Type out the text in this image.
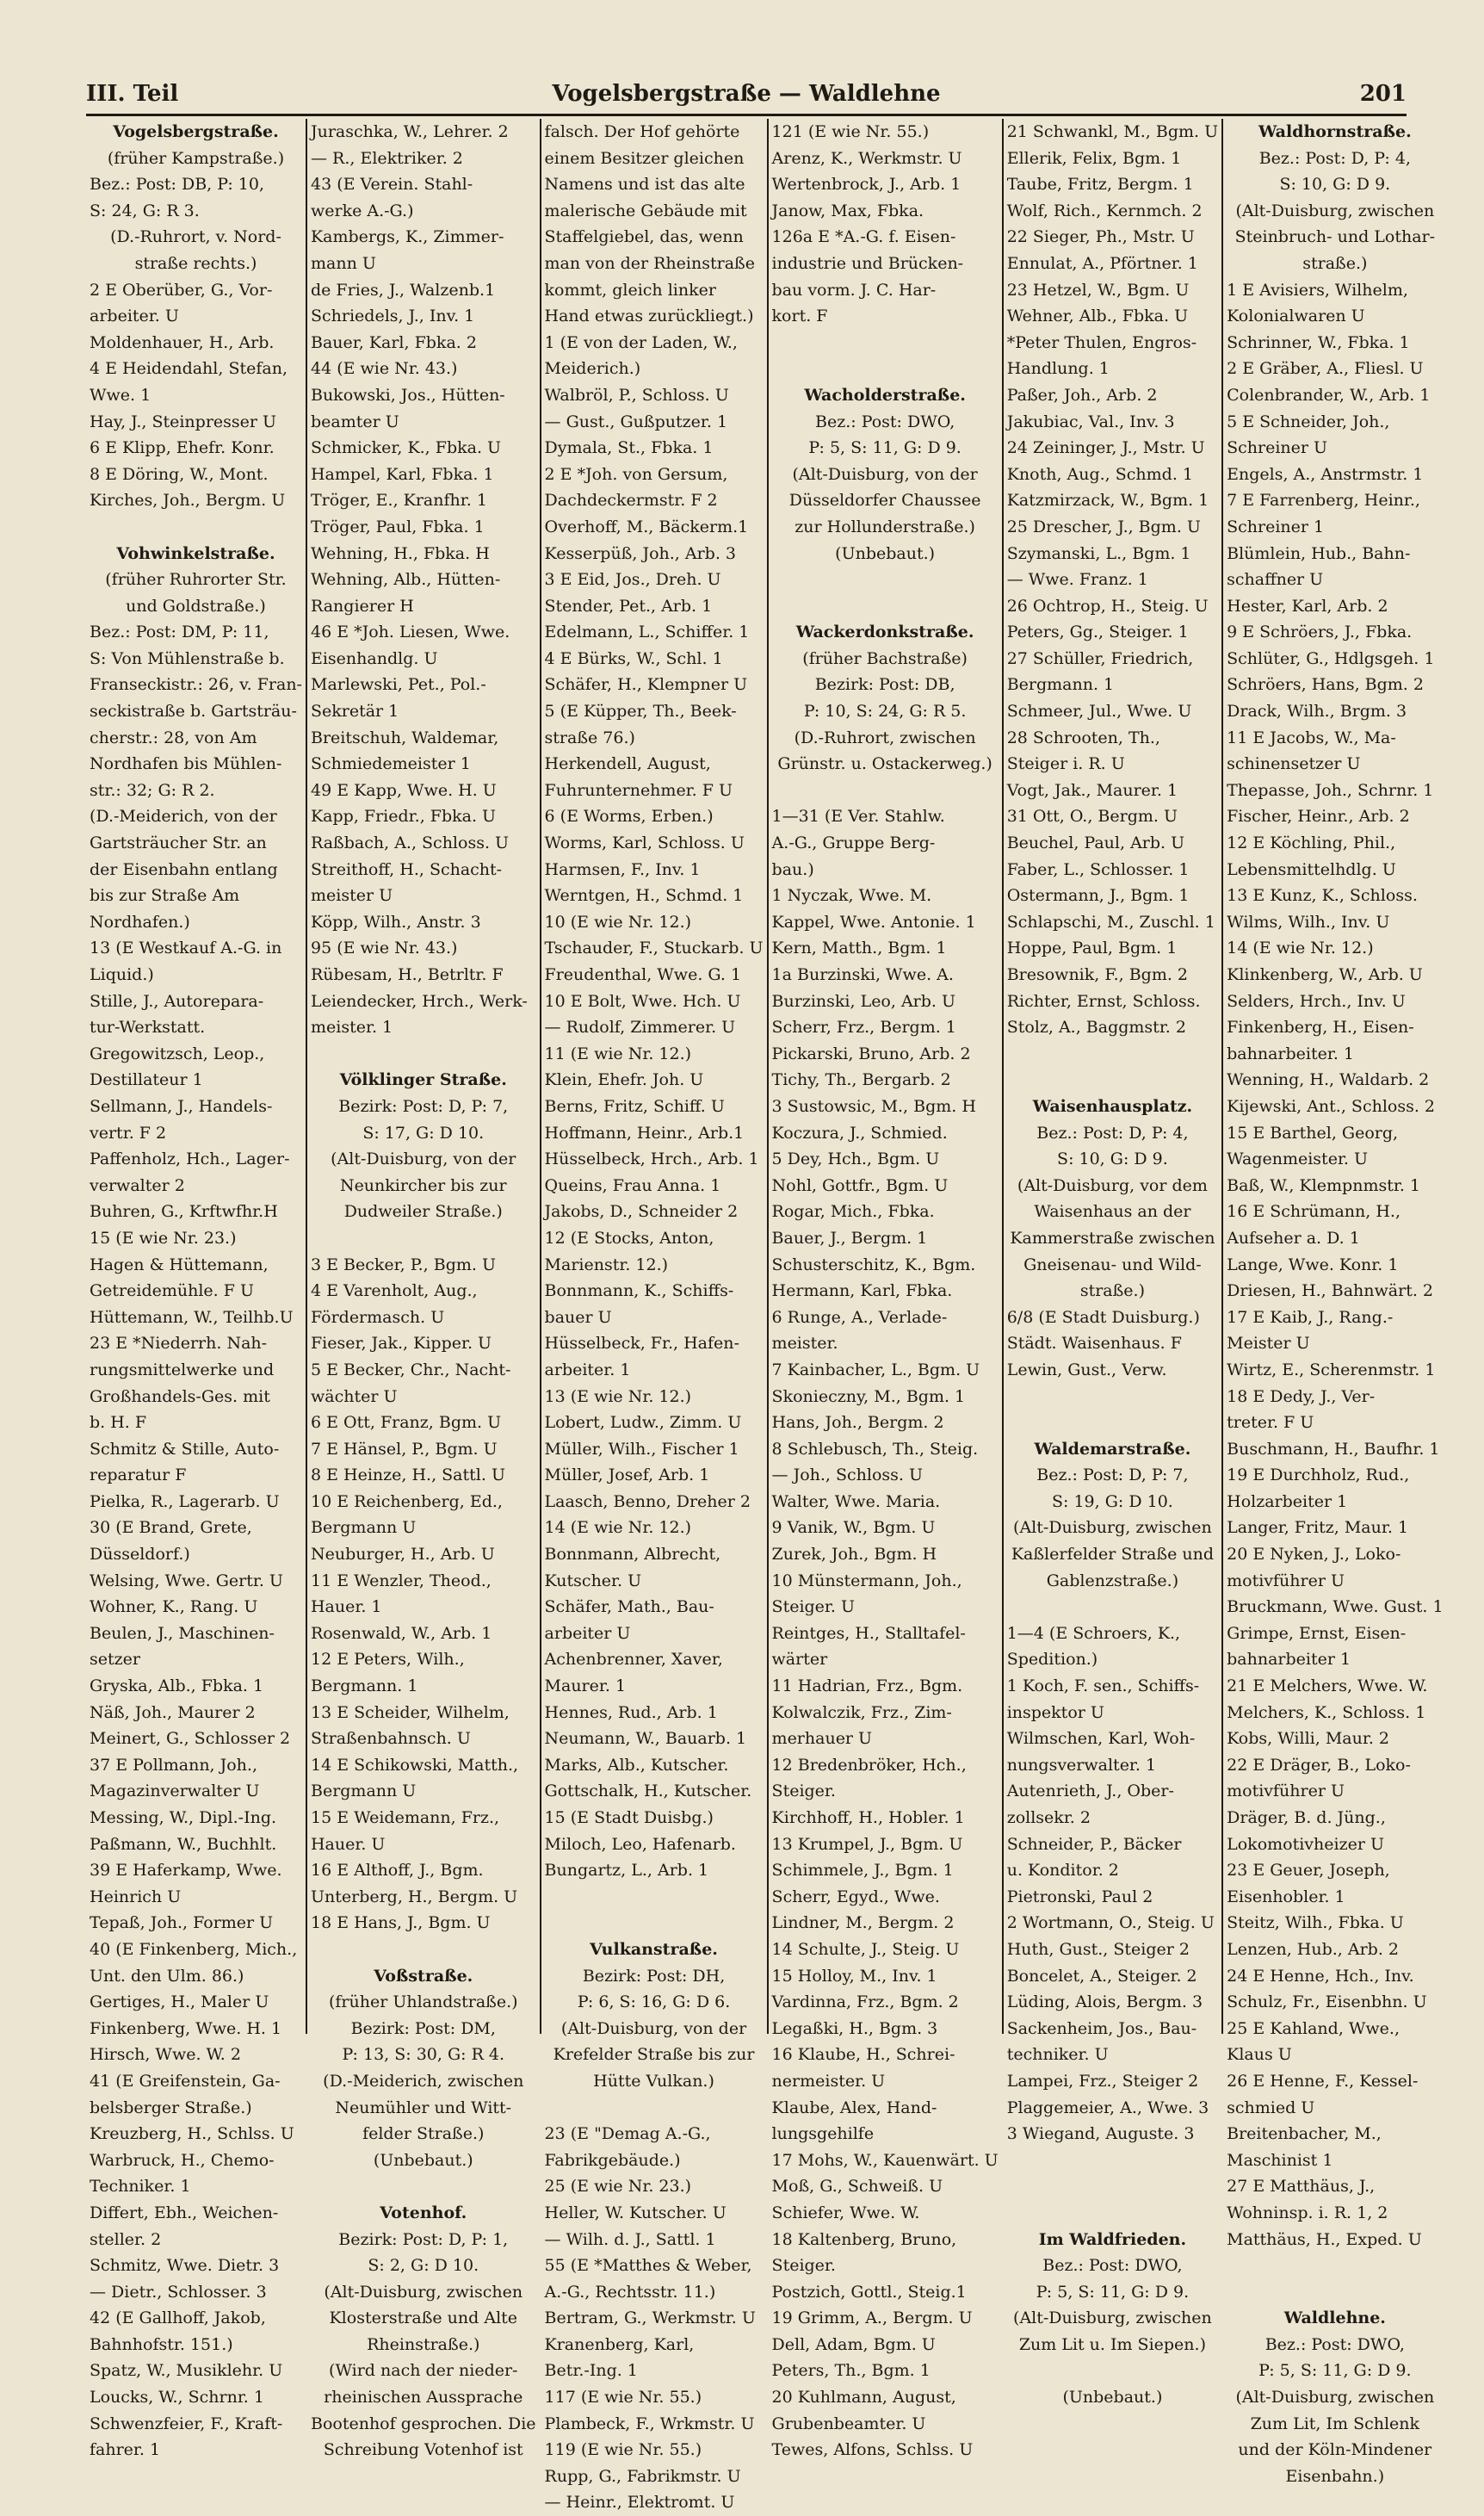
III. Teil	Vogelsbergstraße — Waldlehne	201
Vogelsbergstraße.
(früher Kampstraße.)
Bez.: Post: DB, P: 10,
S: 24, G: R 3.
(D.-Ruhrort, v. Nord-
straße rechts.)
2 E Oberüber, G., Vor-
arbeiter. U
Moldenhauer, H., Arb.
4 E Heidendahl, Stefan,
Wwe. 1
Hay, J., Steinpresser U
6 E Klipp, Ehefr. Konr.
8 E Döring, W., Mont.
Kirches, Joh., Bergm. U
Vohwinkelstraße.
(früher Ruhrorter Str.
und Goldstraße.)
Bez.: Post: DM, P: 11,
S: Von Mühlenstraße b.
Franseckistr.: 26, v. Fran-
seckistraße b. Gartsträu-
cherstr.: 28, von Am
Nordhafen bis Mühlen-
str.: 32; G: R 2.
(D.-Meiderich, von der
Gartsträucher Str. an
der Eisenbahn entlang
bis zur Straße Am
Nordhafen.)
13 (E Westkauf A.-G. in
Liquid.)
Stille, J., Autorepara-
tur-Werkstatt.
Gregowitzsch, Leop.,
Destillateur 1
Sellmann, J., Handels-
vertr. F 2
Paffenholz, Hch., Lager-
verwalter 2
Buhren, G., Krftwfhr.H
15 (E wie Nr. 23.)
Hagen & Hüttemann,
Getreidemühle. F U
Hüttemann, W., Teilhb.U
23 E *Niederrh. Nah-
rungsmittelwerke und
Großhandels-Ges. mit
b. H. F
Schmitz & Stille, Auto-
reparatur F
Pielka, R., Lagerarb. U
30 (E Brand, Grete,
Düsseldorf.)
Welsing, Wwe. Gertr. U
Wohner, K., Rang. U
Beulen, J., Maschinen-
setzer
Gryska, Alb., Fbka. 1
Näß, Joh., Maurer 2
Meinert, G., Schlosser 2
37 E Pollmann, Joh.,
Magazinverwalter U
Messing, W., Dipl.-Ing.
Paßmann, W., Buchhlt.
39 E Haferkamp, Wwe.
Heinrich U
Tepaß, Joh., Former U
40 (E Finkenberg, Mich.,
Unt. den Ulm. 86.)
Gertiges, H., Maler U
Finkenberg, Wwe. H. 1
Hirsch, Wwe. W. 2
41 (E Greifenstein, Ga-
belsberger Straße.)
Kreuzberg, H., Schlss. U
Warbruck, H., Chemo-
Techniker. 1
Differt, Ebh., Weichen-
steller. 2
Schmitz, Wwe. Dietr. 3
— Dietr., Schlosser. 3
42 (E Gallhoff, Jakob,
Bahnhofstr. 151.)
Spatz, W., Musiklehr. U
Loucks, W., Schrnr. 1
Schwenzfeier, F., Kraft-
fahrer. 1
Juraschka, W., Lehrer. 2
— R., Elektriker. 2
43 (E Verein. Stahl-
werke A.-G.)
Kambergs, K., Zimmer-
mann U
de Fries, J., Walzenb.1
Schriedels, J., Inv. 1
Bauer, Karl, Fbka. 2
44 (E wie Nr. 43.)
Bukowski, Jos., Hütten-
beamter U
Schmicker, K., Fbka. U
Hampel, Karl, Fbka. 1
Tröger, E., Kranfhr. 1
Tröger, Paul, Fbka. 1
Wehning, H., Fbka. H
Wehning, Alb., Hütten-
Rangierer H
46 E *Joh. Liesen, Wwe.
Eisenhandlg. U
Marlewski, Pet., Pol.-
Sekretär 1
Breitschuh, Waldemar,
Schmiedemeister 1
49 E Kapp, Wwe. H. U
Kapp, Friedr., Fbka. U
Raßbach, A., Schloss. U
Streithoff, H., Schacht-
meister U
Köpp, Wilh., Anstr. 3
95 (E wie Nr. 43.)
Rübesam, H., Betrltr. F
Leiendecker, Hrch., Werk-
meister. 1
Völklinger Straße.
Bezirk: Post: D, P: 7,
S: 17, G: D 10.
(Alt-Duisburg, von der
Neunkircher bis zur
Dudweiler Straße.)
3 E Becker, P., Bgm. U
4 E Varenholt, Aug.,
Fördermasch. U
Fieser, Jak., Kipper. U
5 E Becker, Chr., Nacht-
wächter U
6 E Ott, Franz, Bgm. U
7 E Hänsel, P., Bgm. U
8 E Heinze, H., Sattl. U
10 E Reichenberg, Ed.,
Bergmann U
Neuburger, H., Arb. U
11 E Wenzler, Theod.,
Hauer. 1
Rosenwald, W., Arb. 1
12 E Peters, Wilh.,
Bergmann. 1
13 E Scheider, Wilhelm,
Straßenbahnsch. U
14 E Schikowski, Matth.,
Bergmann U
15 E Weidemann, Frz.,
Hauer. U
16 E Althoff, J., Bgm.
Unterberg, H., Bergm. U
18 E Hans, J., Bgm. U
Voßstraße.
(früher Uhlandstraße.)
Bezirk: Post: DM,
P: 13, S: 30, G: R 4.
(D.-Meiderich, zwischen
Neumühler und Witt-
felder Straße.)
(Unbebaut.)
Votenhof.
Bezirk: Post: D, P: 1,
S: 2, G: D 10.
(Alt-Duisburg, zwischen
Klosterstraße und Alte
Rheinstraße.)
(Wird nach der nieder-
rheinischen Aussprache
Bootenhof gesprochen. Die
Schreibung Votenhof ist
falsch. Der Hof gehörte
einem Besitzer gleichen
Namens und ist das alte
malerische Gebäude mit
Staffelgiebel, das, wenn
man von der Rheinstraße
kommt, gleich linker
Hand etwas zurückliegt.)
1 (E von der Laden, W.,
Meiderich.)
Walbröl, P., Schloss. U
— Gust., Gußputzer. 1
Dymala, St., Fbka. 1
2 E *Joh. von Gersum,
Dachdeckermstr. F 2
Overhoff, M., Bäckerm.1
Kesserpüß, Joh., Arb. 3
3 E Eid, Jos., Dreh. U
Stender, Pet., Arb. 1
Edelmann, L., Schiffer. 1
4 E Bürks, W., Schl. 1
Schäfer, H., Klempner U
5 (E Küpper, Th., Beek-
straße 76.)
Herkendell, August,
Fuhrunternehmer. F U
6 (E Worms, Erben.)
Worms, Karl, Schloss. U
Harmsen, F., Inv. 1
Werntgen, H., Schmd. 1
10 (E wie Nr. 12.)
Tschauder, F., Stuckarb. U
Freudenthal, Wwe. G. 1
10 E Bolt, Wwe. Hch. U
— Rudolf, Zimmerer. U
11 (E wie Nr. 12.)
Klein, Ehefr. Joh. U
Berns, Fritz, Schiff. U
Hoffmann, Heinr., Arb.1
Hüsselbeck, Hrch., Arb. 1
Queins, Frau Anna. 1
Jakobs, D., Schneider 2
12 (E Stocks, Anton,
Marienstr. 12.)
Bonnmann, K., Schiffs-
bauer U
Hüsselbeck, Fr., Hafen-
arbeiter. 1
13 (E wie Nr. 12.)
Lobert, Ludw., Zimm. U
Müller, Wilh., Fischer 1
Müller, Josef, Arb. 1
Laasch, Benno, Dreher 2
14 (E wie Nr. 12.)
Bonnmann, Albrecht,
Kutscher. U
Schäfer, Math., Bau-
arbeiter U
Achenbrenner, Xaver,
Maurer. 1
Hennes, Rud., Arb. 1
Neumann, W., Bauarb. 1
Marks, Alb., Kutscher.
Gottschalk, H., Kutscher.
15 (E Stadt Duisbg.)
Miloch, Leo, Hafenarb.
Bungartz, L., Arb. 1
Vulkanstraße.
Bezirk: Post: DH,
P: 6, S: 16, G: D 6.
(Alt-Duisburg, von der
Krefelder Straße bis zur
Hütte Vulkan.)
23 (E "Demag A.-G.,
Fabrikgebäude.)
25 (E wie Nr. 23.)
Heller, W. Kutscher. U
— Wilh. d. J., Sattl. 1
55 (E *Matthes & Weber,
A.-G., Rechtsstr. 11.)
Bertram, G., Werkmstr. U
Kranenberg, Karl,
Betr.-Ing. 1
117 (E wie Nr. 55.)
Plambeck, F., Wrkmstr. U
119 (E wie Nr. 55.)
Rupp, G., Fabrikmstr. U
— Heinr., Elektromt. U
121 (E wie Nr. 55.)
Arenz, K., Werkmstr. U
Wertenbrock, J., Arb. 1
Janow, Max, Fbka.
126a E *A.-G. f. Eisen-
industrie und Brücken-
bau vorm. J. C. Har-
kort. F
Wacholderstraße.
Bez.: Post: DWO,
P: 5, S: 11, G: D 9.
(Alt-Duisburg, von der
Düsseldorfer Chaussee
zur Hollunderstraße.)
(Unbebaut.)
Wackerdonkstraße.
(früher Bachstraße)
Bezirk: Post: DB,
P: 10, S: 24, G: R 5.
(D.-Ruhrort, zwischen
Grünstr. u. Ostackerweg.)
1—31 (E Ver. Stahlw.
A.-G., Gruppe Berg-
bau.)
1 Nyczak, Wwe. M.
Kappel, Wwe. Antonie. 1
Kern, Matth., Bgm. 1
1a Burzinski, Wwe. A.
Burzinski, Leo, Arb. U
Scherr, Frz., Bergm. 1
Pickarski, Bruno, Arb. 2
Tichy, Th., Bergarb. 2
3 Sustowsic, M., Bgm. H
Koczura, J., Schmied.
5 Dey, Hch., Bgm. U
Nohl, Gottfr., Bgm. U
Rogar, Mich., Fbka.
Bauer, J., Bergm. 1
Schusterschitz, K., Bgm.
Hermann, Karl, Fbka.
6 Runge, A., Verlade-
meister.
7 Kainbacher, L., Bgm. U
Skonieczny, M., Bgm. 1
Hans, Joh., Bergm. 2
8 Schlebusch, Th., Steig.
— Joh., Schloss. U
Walter, Wwe. Maria.
9 Vanik, W., Bgm. U
Zurek, Joh., Bgm. H
10 Münstermann, Joh.,
Steiger. U
Reintges, H., Stalltafel-
wärter
11 Hadrian, Frz., Bgm.
Kolwalczik, Frz., Zim-
merhauer U
12 Bredenbröker, Hch.,
Steiger.
Kirchhoff, H., Hobler. 1
13 Krumpel, J., Bgm. U
Schimmele, J., Bgm. 1
Scherr, Egyd., Wwe.
Lindner, M., Bergm. 2
14 Schulte, J., Steig. U
15 Holloy, M., Inv. 1
Vardinna, Frz., Bgm. 2
Legaßki, H., Bgm. 3
16 Klaube, H., Schrei-
nermeister. U
Klaube, Alex, Hand-
lungsgehilfe
17 Mohs, W., Kauenwärt. U
Moß, G., Schweiß. U
Schiefer, Wwe. W.
18 Kaltenberg, Bruno,
Steiger.
Postzich, Gottl., Steig.1
19 Grimm, A., Bergm. U
Dell, Adam, Bgm. U
Peters, Th., Bgm. 1
20 Kuhlmann, August,
Grubenbeamter. U
Tewes, Alfons, Schlss. U
21 Schwankl, M., Bgm. U
Ellerik, Felix, Bgm. 1
Taube, Fritz, Bergm. 1
Wolf, Rich., Kernmch. 2
22 Sieger, Ph., Mstr. U
Ennulat, A., Pförtner. 1
23 Hetzel, W., Bgm. U
Wehner, Alb., Fbka. U
*Peter Thulen, Engros-
Handlung. 1
Paßer, Joh., Arb. 2
Jakubiac, Val., Inv. 3
24 Zeininger, J., Mstr. U
Knoth, Aug., Schmd. 1
Katzmirzack, W., Bgm. 1
25 Drescher, J., Bgm. U
Szymanski, L., Bgm. 1
— Wwe. Franz. 1
26 Ochtrop, H., Steig. U
Peters, Gg., Steiger. 1
27 Schüller, Friedrich,
Bergmann. 1
Schmeer, Jul., Wwe. U
28 Schrooten, Th.,
Steiger i. R. U
Vogt, Jak., Maurer. 1
31 Ott, O., Bergm. U
Beuchel, Paul, Arb. U
Faber, L., Schlosser. 1
Ostermann, J., Bgm. 1
Schlapschi, M., Zuschl. 1
Hoppe, Paul, Bgm. 1
Bresownik, F., Bgm. 2
Richter, Ernst, Schloss.
Stolz, A., Baggmstr. 2
Waisenhausplatz.
Bez.: Post: D, P: 4,
S: 10, G: D 9.
(Alt-Duisburg, vor dem
Waisenhaus an der
Kammerstraße zwischen
Gneisenau- und Wild-
straße.)
6/8 (E Stadt Duisburg.)
Städt. Waisenhaus. F
Lewin, Gust., Verw.
Waldemarstraße.
Bez.: Post: D, P: 7,
S: 19, G: D 10.
(Alt-Duisburg, zwischen
Kaßlerfelder Straße und
Gablenzstraße.)
1—4 (E Schroers, K.,
Spedition.)
1 Koch, F. sen., Schiffs-
inspektor U
Wilmschen, Karl, Woh-
nungsverwalter. 1
Autenrieth, J., Ober-
zollsekr. 2
Schneider, P., Bäcker
u. Konditor. 2
Pietronski, Paul 2
2 Wortmann, O., Steig. U
Huth, Gust., Steiger 2
Boncelet, A., Steiger. 2
Lüding, Alois, Bergm. 3
Sackenheim, Jos., Bau-
techniker. U
Lampei, Frz., Steiger 2
Plaggemeier, A., Wwe. 3
3 Wiegand, Auguste. 3
Im Waldfrieden.
Bez.: Post: DWO,
P: 5, S: 11, G: D 9.
(Alt-Duisburg, zwischen
Zum Lit u. Im Siepen.)
(Unbebaut.)
Waldhornstraße.
Bez.: Post: D, P: 4,
S: 10, G: D 9.
(Alt-Duisburg, zwischen
Steinbruch- und Lothar-
straße.)
1 E Avisiers, Wilhelm,
Kolonialwaren U
Schrinner, W., Fbka. 1
2 E Gräber, A., Fliesl. U
Colenbrander, W., Arb. 1
5 E Schneider, Joh.,
Schreiner U
Engels, A., Anstrmstr. 1
7 E Farrenberg, Heinr.,
Schreiner 1
Blümlein, Hub., Bahn-
schaffner U
Hester, Karl, Arb. 2
9 E Schröers, J., Fbka.
Schlüter, G., Hdlgsgeh. 1
Schröers, Hans, Bgm. 2
Drack, Wilh., Brgm. 3
11 E Jacobs, W., Ma-
schinensetzer U
Thepasse, Joh., Schrnr. 1
Fischer, Heinr., Arb. 2
12 E Köchling, Phil.,
Lebensmittelhdlg. U
13 E Kunz, K., Schloss.
Wilms, Wilh., Inv. U
14 (E wie Nr. 12.)
Klinkenberg, W., Arb. U
Selders, Hrch., Inv. U
Finkenberg, H., Eisen-
bahnarbeiter. 1
Wenning, H., Waldarb. 2
Kijewski, Ant., Schloss. 2
15 E Barthel, Georg,
Wagenmeister. U
Baß, W., Klempnmstr. 1
16 E Schrümann, H.,
Aufseher a. D. 1
Lange, Wwe. Konr. 1
Driesen, H., Bahnwärt. 2
17 E Kaib, J., Rang.-
Meister U
Wirtz, E., Scherenmstr. 1
18 E Dedy, J., Ver-
treter. F U
Buschmann, H., Baufhr. 1
19 E Durchholz, Rud.,
Holzarbeiter 1
Langer, Fritz, Maur. 1
20 E Nyken, J., Loko-
motivführer U
Bruckmann, Wwe. Gust. 1
Grimpe, Ernst, Eisen-
bahnarbeiter 1
21 E Melchers, Wwe. W.
Melchers, K., Schloss. 1
Kobs, Willi, Maur. 2
22 E Dräger, B., Loko-
motivführer U
Dräger, B. d. Jüng.,
Lokomotivheizer U
23 E Geuer, Joseph,
Eisenhobler. 1
Steitz, Wilh., Fbka. U
Lenzen, Hub., Arb. 2
24 E Henne, Hch., Inv.
Schulz, Fr., Eisenbhn. U
25 E Kahland, Wwe.,
Klaus U
26 E Henne, F., Kessel-
schmied U
Breitenbacher, M.,
Maschinist 1
27 E Matthäus, J.,
Wohninsp. i. R. 1, 2
Matthäus, H., Exped. U
Waldlehne.
Bez.: Post: DWO,
P: 5, S: 11, G: D 9.
(Alt-Duisburg, zwischen
Zum Lit, Im Schlenk
und der Köln-Mindener
Eisenbahn.)
